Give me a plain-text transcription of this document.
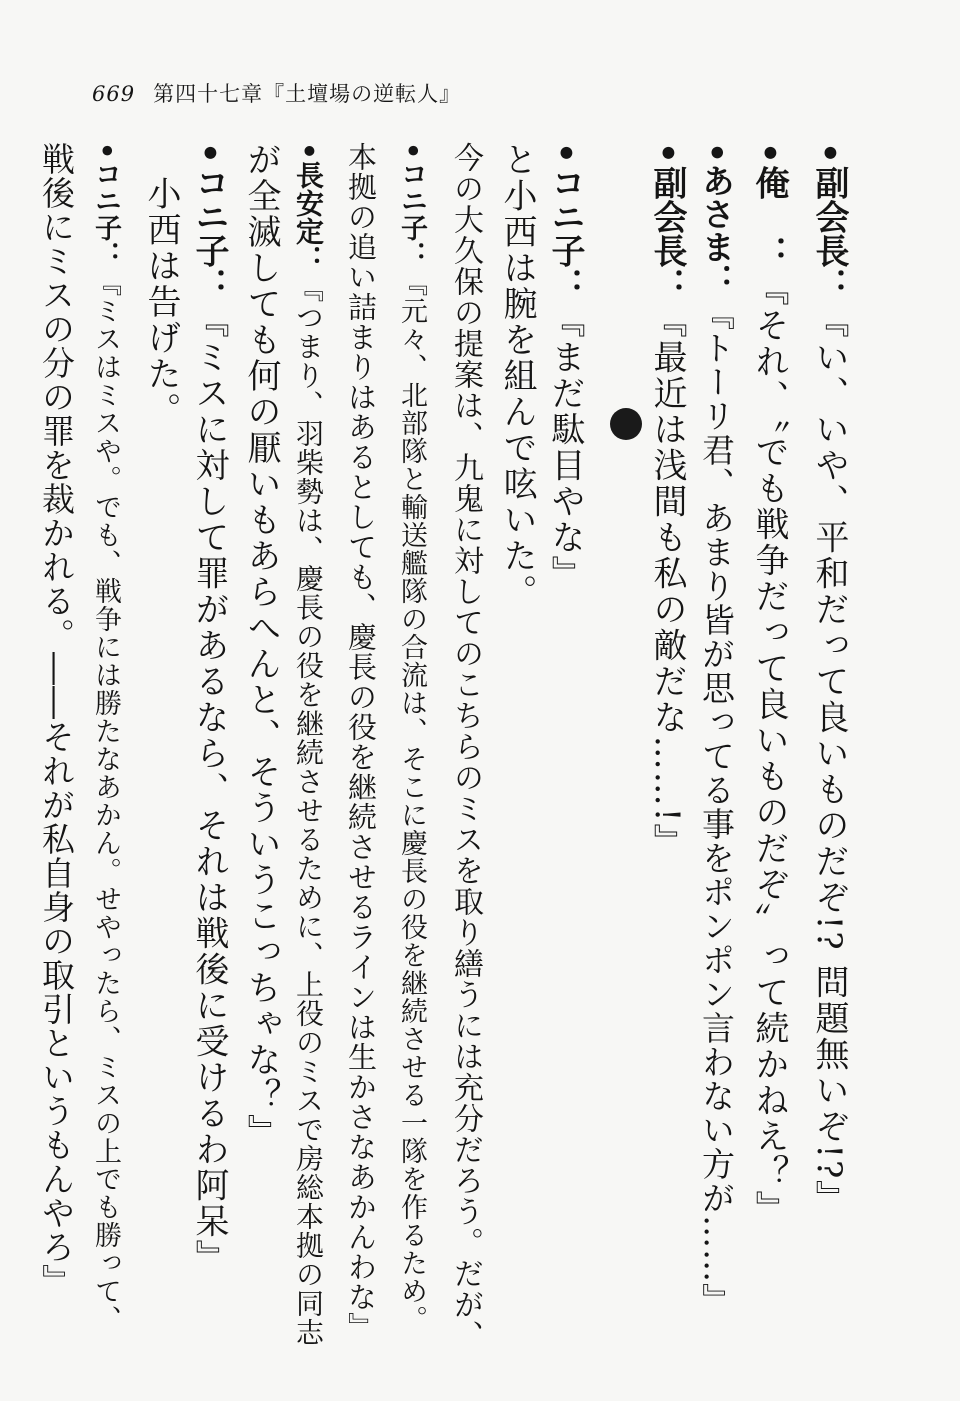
669 第四十七章『土壇場の逆転人』
•副会長：『い、いや、平和だって良いものだぞ!? 問題無いぞ!?』
•俺　：『それ、〝でも戦争だって良いものだぞ〟って続かねえ？』
•あさま：『トーリ君、あまり皆が思ってる事をポンポン言わない方が……』
•副会長：『最近は浅間も私の敵だな……!』
•コニ子：『まだ駄目やな』
と小西は腕を組んで呟いた。
今の大久保の提案は、九鬼に対してのこちらのミスを取り繕うには充分だろう。だが、
•コニ子：『元々、北部隊と輸送艦隊の合流は、そこに慶長の役を継続させる一隊を作るため。
本拠の追い詰まりはあるとしても、慶長の役を継続させるラインは生かさなあかんわな』
•長安定：『つまり、羽柴勢は、慶長の役を継続させるために、上役のミスで房総本拠の同志
が全滅しても何の厭いもあらへんと、そういうこっちゃな？』
•コニ子：『ミスに対して罪があるなら、それは戦後に受けるわ阿呆』
小西は告げた。
•コニ子：『ミスはミスや。でも、戦争には勝たなあかん。せやったら、ミスの上でも勝って、
戦後にミスの分の罪を裁かれる。――それが私自身の取引というもんやろ』
